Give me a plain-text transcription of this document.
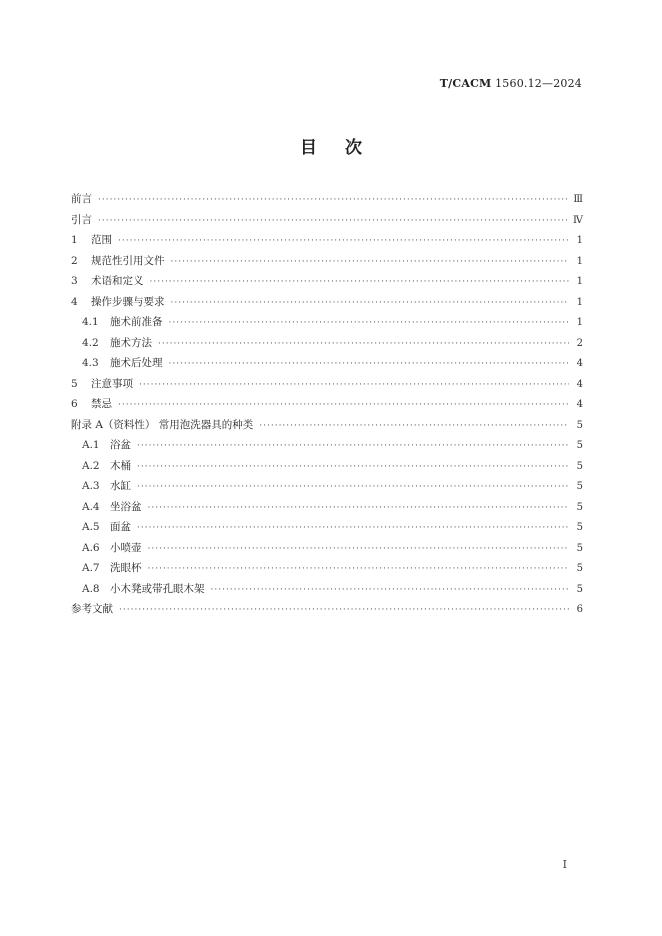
T/CACM 1560.12—2024
目次
前言 ·····	Ⅲ
引言 ·····	Ⅳ
1	范围 ·····	1
2	规范性引用文件 ·····	1
3	术语和定义 ·····	1
4	操作步骤与要求 ·····	1
4.1	施术前准备 ·····	1
4.2	施术方法 ·····	2
4.3	施术后处理 ·····	4
5	注意事项 ·····	4
6	禁忌 ·····	4
附录 A（资料性） 常用泡洗器具的种类 ·····	5
A.1 浴盆 ·····	5
A.2 木桶 ·····	5
A.3 水缸 ·····	5
A.4 坐浴盆 ·····	5
A.5 面盆 ·····	5
A.6 小喷壶 ·····	5
A.7 洗眼杯 ·····	5
A.8 小木凳或带孔眼木架 ·····	5
参考文献 ·····	6
I
